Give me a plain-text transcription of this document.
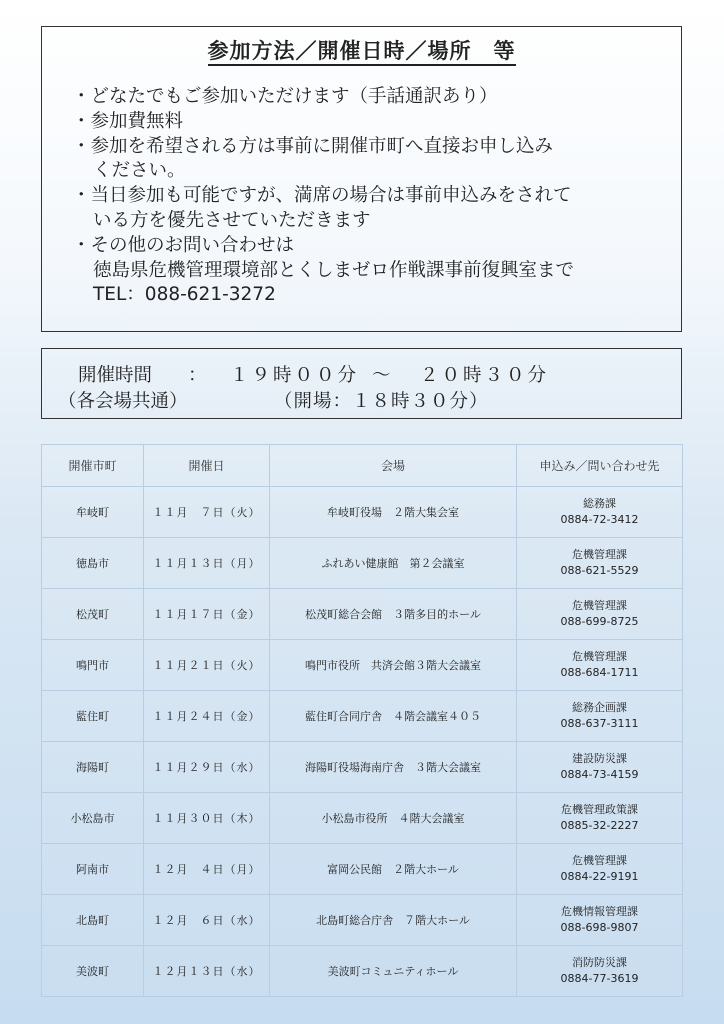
参加方法／開催日時／場所　等
・どなたでもご参加いただけます（手話通訳あり）
・参加費無料
・参加を希望される方は事前に開催市町へ直接お申し込み
ください。
・当日参加も可能ですが、満席の場合は事前申込みをされて
いる方を優先させていただきます
・その他のお問い合わせは
徳島県危機管理環境部とくしまゼロ作戦課事前復興室まで
TEL：088-621-3272
開催時間 ： １９時００分 ～ ２０時３０分
（各会場共通）	（開場：１８時３０分）
開催市町	開催日	会場	申込み／問い合わせ先
牟岐町	１１月　７日（火）	牟岐町役場　２階大集会室	総務課
0884-72-3412

徳島市	１１月１３日（月）	ふれあい健康館　第２会議室	危機管理課
088-621-5529

松茂町	１１月１７日（金）	松茂町総合会館　３階多目的ホール	危機管理課
088-699-8725

鳴門市	１１月２１日（火）	鳴門市役所　共済会館３階大会議室	危機管理課
088-684-1711

藍住町	１１月２４日（金）	藍住町合同庁舎　４階会議室４０５	総務企画課
088-637-3111

海陽町	１１月２９日（水）	海陽町役場海南庁舎　３階大会議室	建設防災課
0884-73-4159

小松島市	１１月３０日（木）	小松島市役所　４階大会議室	危機管理政策課
0885-32-2227

阿南市	１２月　４日（月）	富岡公民館　２階大ホール	危機管理課
0884-22-9191

北島町	１２月　６日（水）	北島町総合庁舎　７階大ホール	危機情報管理課
088-698-9807

美波町	１２月１３日（水）	美波町コミュニティホール	消防防災課
0884-77-3619
